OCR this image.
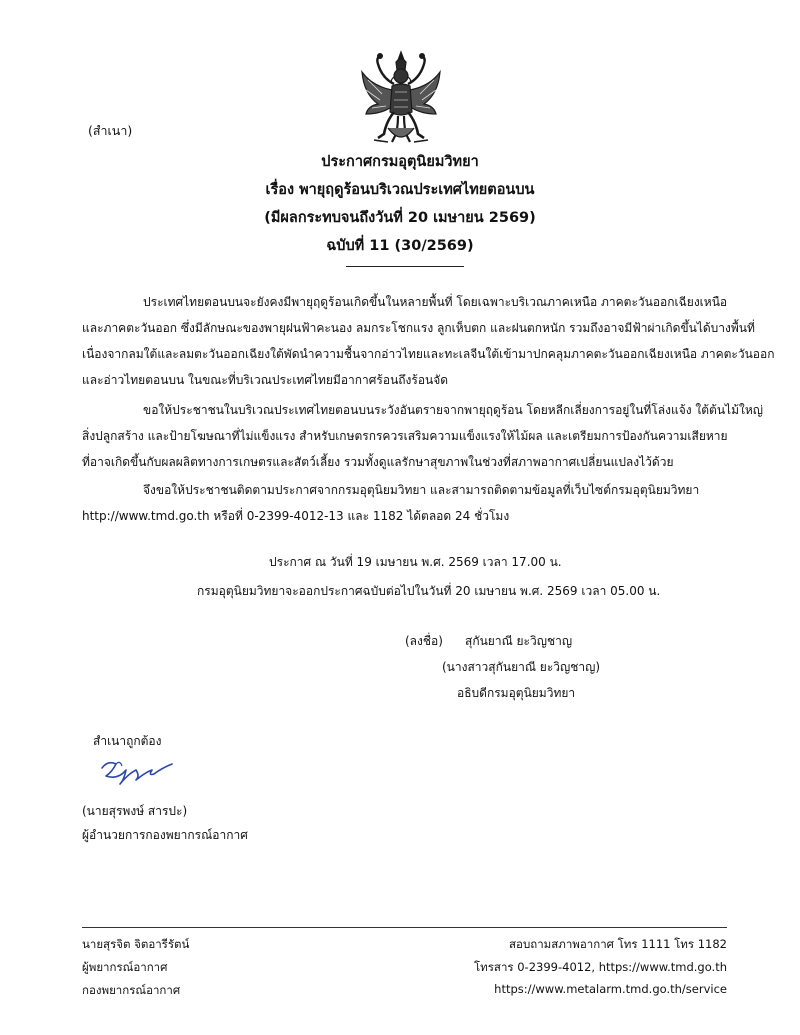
(สำเนา)
ประกาศกรมอุตุนิยมวิทยา
เรื่อง พายุฤดูร้อนบริเวณประเทศไทยตอนบน
(มีผลกระทบจนถึงวันที่ 20 เมษายน 2569)
ฉบับที่ 11 (30/2569)
ประเทศไทยตอนบนจะยังคงมีพายุฤดูร้อนเกิดขึ้นในหลายพื้นที่ โดยเฉพาะบริเวณภาคเหนือ ภาคตะวันออกเฉียงเหนือ
และภาคตะวันออก ซึ่งมีลักษณะของพายุฝนฟ้าคะนอง ลมกระโชกแรง ลูกเห็บตก และฝนตกหนัก รวมถึงอาจมีฟ้าผ่าเกิดขึ้นได้บางพื้นที่
เนื่องจากลมใต้และลมตะวันออกเฉียงใต้พัดนำความชื้นจากอ่าวไทยและทะเลจีนใต้เข้ามาปกคลุมภาคตะวันออกเฉียงเหนือ ภาคตะวันออก
และอ่าวไทยตอนบน ในขณะที่บริเวณประเทศไทยมีอากาศร้อนถึงร้อนจัด
ขอให้ประชาชนในบริเวณประเทศไทยตอนบนระวังอันตรายจากพายุฤดูร้อน โดยหลีกเลี่ยงการอยู่ในที่โล่งแจ้ง ใต้ต้นไม้ใหญ่
สิ่งปลูกสร้าง และป้ายโฆษณาที่ไม่แข็งแรง สำหรับเกษตรกรควรเสริมความแข็งแรงให้ไม้ผล และเตรียมการป้องกันความเสียหาย
ที่อาจเกิดขึ้นกับผลผลิตทางการเกษตรและสัตว์เลี้ยง รวมทั้งดูแลรักษาสุขภาพในช่วงที่สภาพอากาศเปลี่ยนแปลงไว้ด้วย
จึงขอให้ประชาชนติดตามประกาศจากกรมอุตุนิยมวิทยา และสามารถติดตามข้อมูลที่เว็บไซต์กรมอุตุนิยมวิทยา
http://www.tmd.go.th หรือที่ 0-2399-4012-13 และ 1182 ได้ตลอด 24 ชั่วโมง
ประกาศ ณ วันที่ 19 เมษายน พ.ศ. 2569 เวลา 17.00 น.
กรมอุตุนิยมวิทยาจะออกประกาศฉบับต่อไปในวันที่ 20 เมษายน พ.ศ. 2569 เวลา 05.00 น.
(ลงชื่อ) สุกันยาณี ยะวิญชาญ
(นางสาวสุกันยาณี ยะวิญชาญ)
อธิบดีกรมอุตุนิยมวิทยา
สำเนาถูกต้อง
(นายสุรพงษ์ สารปะ)
ผู้อำนวยการกองพยากรณ์อากาศ
นายสุรจิต จิตอารีรัตน์
ผู้พยากรณ์อากาศ
กองพยากรณ์อากาศ
สอบถามสภาพอากาศ โทร 1111 โทร 1182
โทรสาร 0-2399-4012, https://www.tmd.go.th
https://www.metalarm.tmd.go.th/service
